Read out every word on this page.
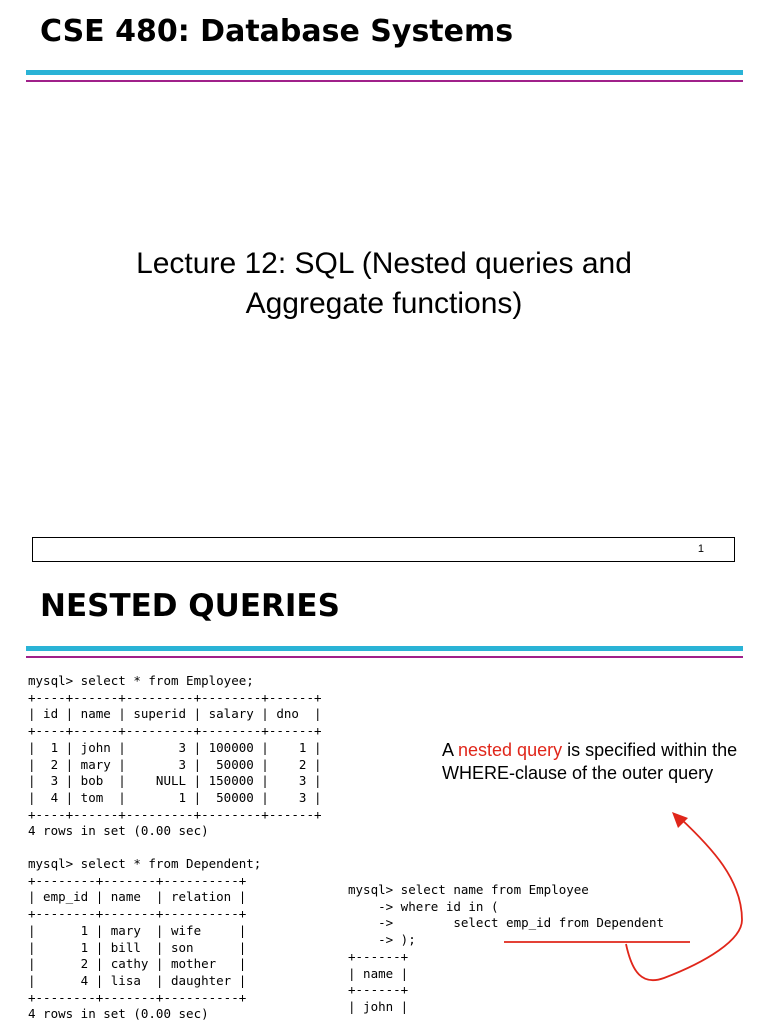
CSE 480: Database Systems
Lecture 12: SQL (Nested queries and
Aggregate functions)
1
NESTED QUERIES
mysql> select * from Employee;
+----+------+---------+--------+------+
| id | name | superid | salary | dno  |
+----+------+---------+--------+------+
|  1 | john |       3 | 100000 |    1 |
|  2 | mary |       3 |  50000 |    2 |
|  3 | bob  |    NULL | 150000 |    3 |
|  4 | tom  |       1 |  50000 |    3 |
+----+------+---------+--------+------+
4 rows in set (0.00 sec)
mysql> select * from Dependent;
+--------+-------+----------+
| emp_id | name  | relation |
+--------+-------+----------+
|      1 | mary  | wife     |
|      1 | bill  | son      |
|      2 | cathy | mother   |
|      4 | lisa  | daughter |
+--------+-------+----------+
4 rows in set (0.00 sec)
mysql> select name from Employee
-> where id in (
->        select emp_id from Dependent
-> );
+------+
| name |
+------+
| john |
A nested query is specified within the WHERE-clause of the outer query
